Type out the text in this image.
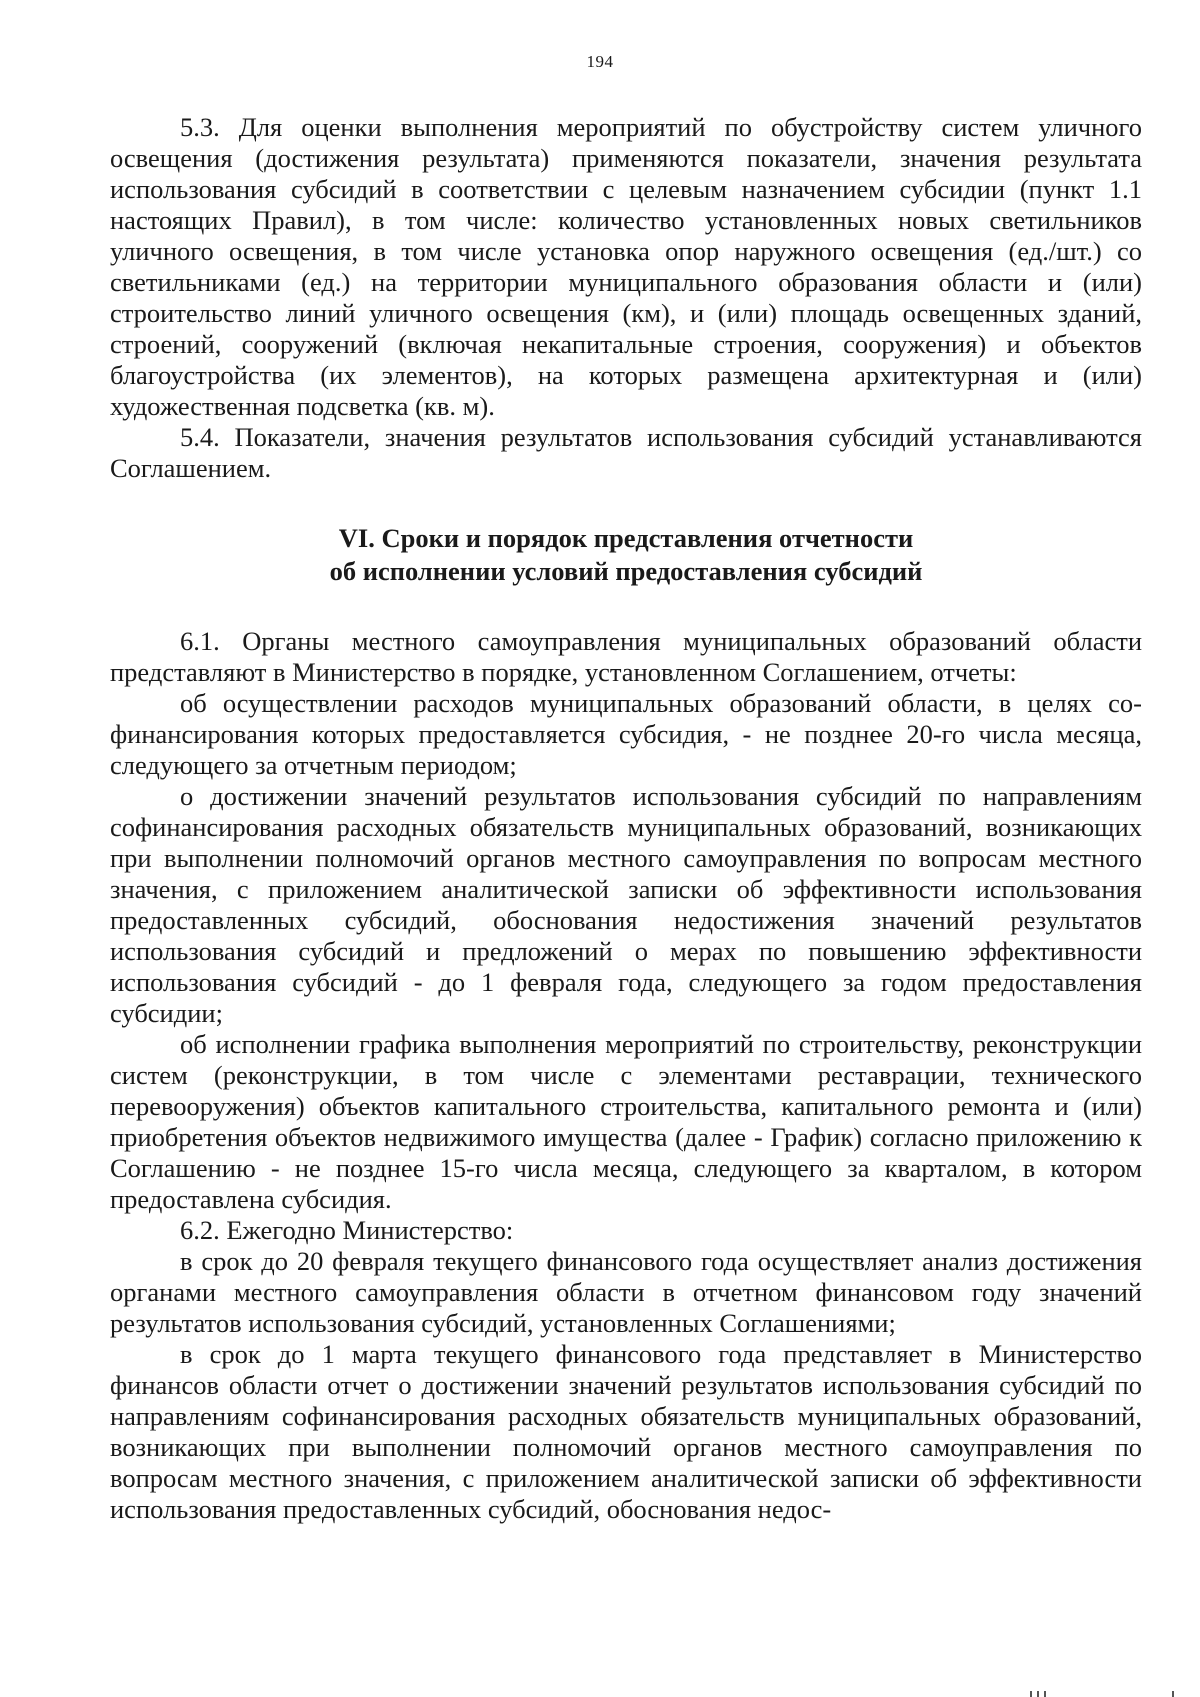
194

5.3. Для оценки выполнения мероприятий по обустройству систем уличного освещения (достижения результата) применяются показатели, значения результата использования субсидий в соответствии с целевым назначением субсидии (пункт 1.1 настоящих Правил), в том числе: количество установленных новых светильников уличного освещения, в том числе установка опор наружного освещения (ед./шт.) со светильниками (ед.) на территории муниципального образования области и (или) строительство линий уличного освещения (км), и (или) площадь освещенных зданий, строений, сооружений (включая некапитальные строения, сооружения) и объектов благоустройства (их элементов), на которых размещена архитектурная и (или) художественная подсветка (кв. м).

5.4. Показатели, значения результатов использования субсидий устанавливаются Соглашением.

VI. Сроки и порядок представления отчетности

об исполнении условий предоставления субсидий

6.1. Органы местного самоуправления муниципальных образований области представляют в Министерство в порядке, установленном Соглашением, отчеты:

об осуществлении расходов муниципальных образований области, в целях софинансирования которых предоставляется субсидия, - не позднее 20-го числа месяца, следующего за отчетным периодом;

о достижении значений результатов использования субсидий по направлениям софинансирования расходных обязательств муниципальных образований, возникающих при выполнении полномочий органов местного самоуправления по вопросам местного значения, с приложением аналитической записки об эффективности использования предоставленных субсидий, обоснования недостижения значений результатов использования субсидий и предложений о мерах по повышению эффективности использования субсидий - до 1 февраля года, следующего за годом предоставления субсидии;

об исполнении графика выполнения мероприятий по строительству, реконструкции систем (реконструкции, в том числе с элементами реставрации, технического перевооружения) объектов капитального строительства, капитального ремонта и (или) приобретения объектов недвижимого имущества (далее - График) согласно приложению к Соглашению - не позднее 15-го числа месяца, следующего за кварталом, в котором предоставлена субсидия.

6.2. Ежегодно Министерство:

в срок до 20 февраля текущего финансового года осуществляет анализ достижения органами местного самоуправления области в отчетном финансовом году значений результатов использования субсидий, установленных Соглашениями;

в срок до 1 марта текущего финансового года представляет в Министерство финансов области отчет о достижении значений результатов использования субсидий по направлениям софинансирования расходных обязательств муниципальных образований, возникающих при выполнении полномочий органов местного самоуправления по вопросам местного значения, с приложением аналитической записки об эффективности использования предоставленных субсидий, обоснования недос-
